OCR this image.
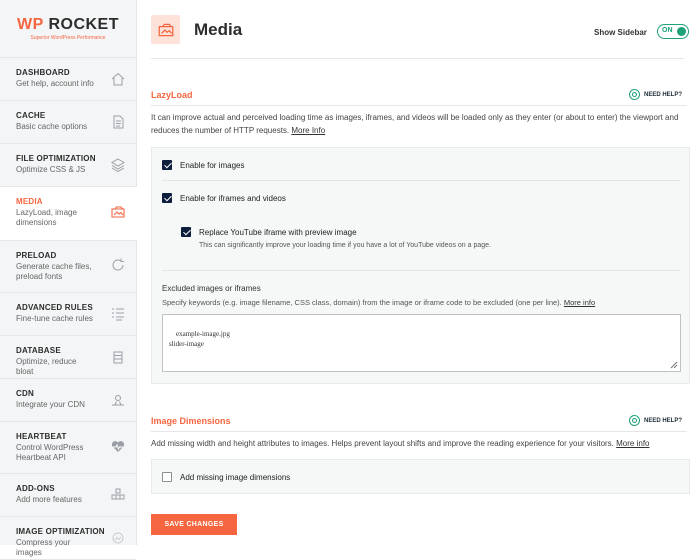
WP ROCKET
Superior WordPress Performance
DASHBOARD
Get help, account info
CACHE
Basic cache options
FILE OPTIMIZATION
Optimize CSS & JS
MEDIA
LazyLoad, image dimensions
PRELOAD
Generate cache files, preload fonts
ADVANCED RULES
Fine-tune cache rules
DATABASE
Optimize, reduce bloat
CDN
Integrate your CDN
HEARTBEAT
Control WordPress Heartbeat API
ADD-ONS
Add more features
IMAGE OPTIMIZATION
Compress your images
Media	Show Sidebar ON
LazyLoad	NEED HELP?
It can improve actual and perceived loading time as images, iframes, and videos will be loaded only as they enter (or about to enter) the viewport and reduces the number of HTTP requests. More Info
Enable for images
Enable for iframes and videos
Replace YouTube iframe with preview image
This can significantly improve your loading time if you have a lot of YouTube videos on a page.
Excluded images or iframes
Specify keywords (e.g. image filename, CSS class, domain) from the image or iframe code to be excluded (one per line). More info

example-image.jpg
slider-image

Image Dimensions	NEED HELP?
Add missing width and height attributes to images. Helps prevent layout shifts and improve the reading experience for your visitors. More info
Add missing image dimensions
SAVE CHANGES
